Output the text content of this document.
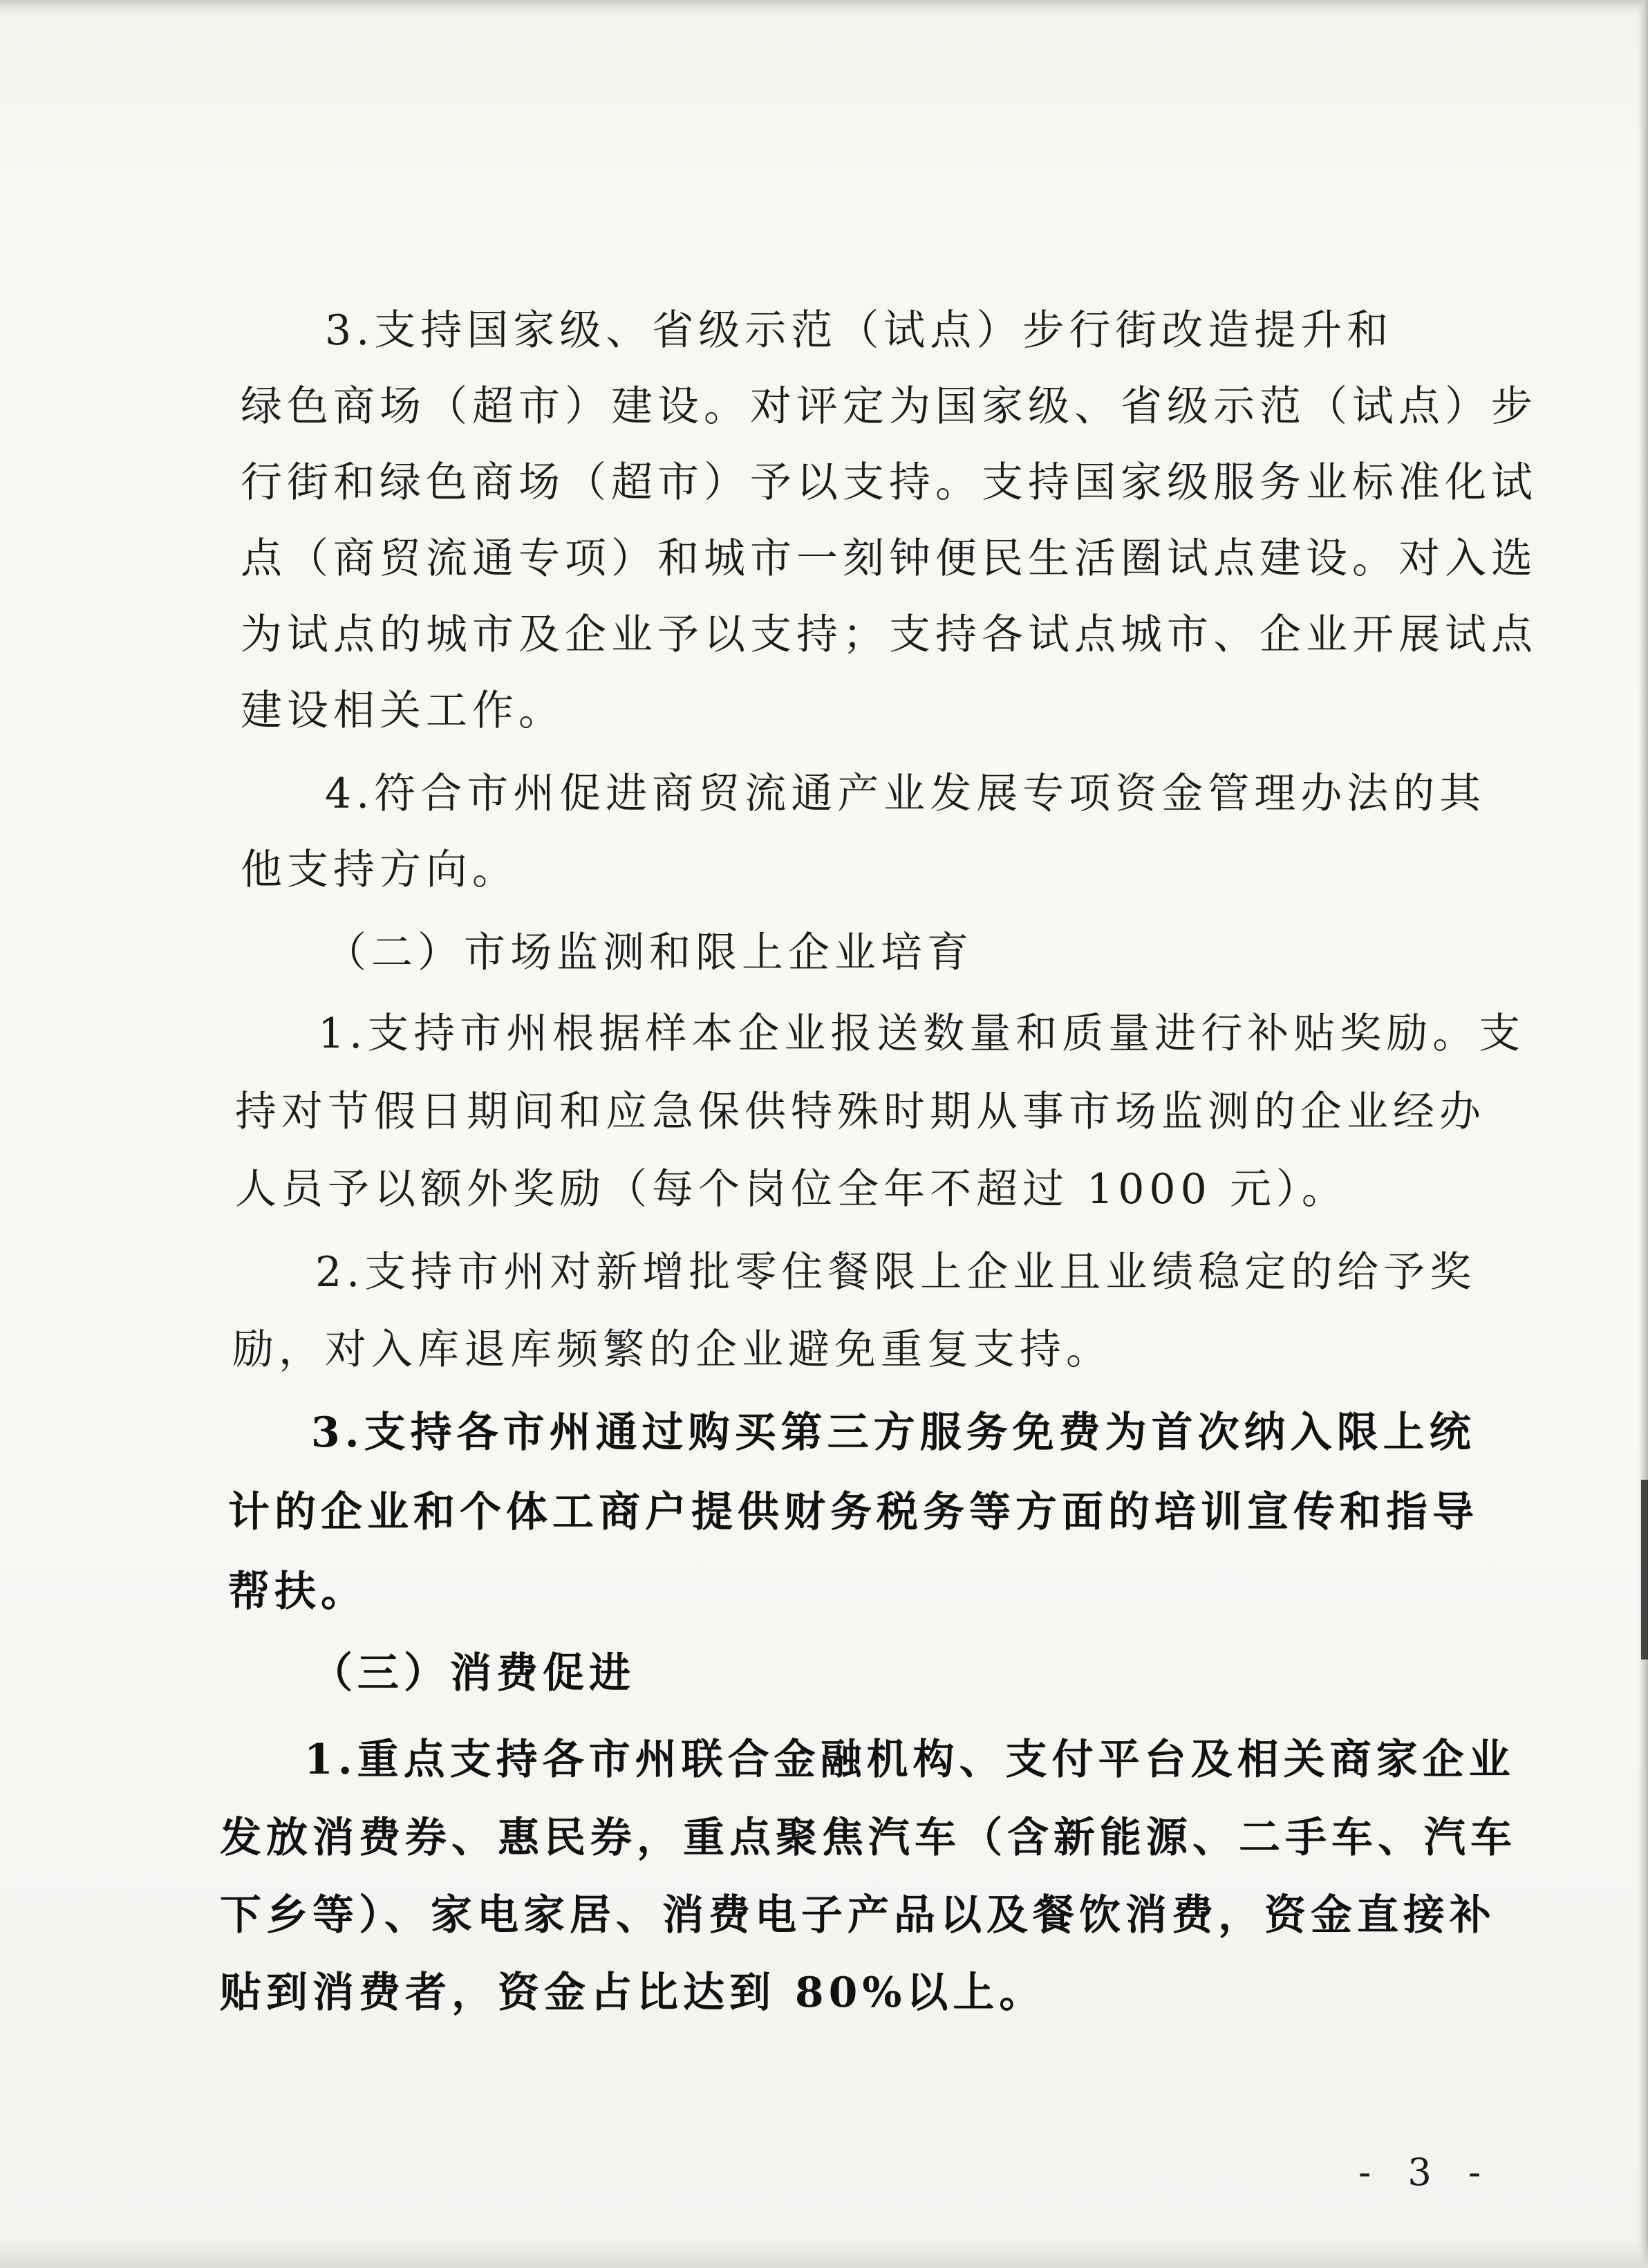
3.支持国家级、省级示范（试点）步行街改造提升和
绿色商场（超市）建设。对评定为国家级、省级示范（试点）步
行街和绿色商场（超市）予以支持。支持国家级服务业标准化试
点（商贸流通专项）和城市一刻钟便民生活圈试点建设。对入选
为试点的城市及企业予以支持；支持各试点城市、企业开展试点
建设相关工作。
4.符合市州促进商贸流通产业发展专项资金管理办法的其
他支持方向。
（二）市场监测和限上企业培育
1.支持市州根据样本企业报送数量和质量进行补贴奖励。支
持对节假日期间和应急保供特殊时期从事市场监测的企业经办
人员予以额外奖励（每个岗位全年不超过 1000 元）。
2.支持市州对新增批零住餐限上企业且业绩稳定的给予奖
励，对入库退库频繁的企业避免重复支持。
3.支持各市州通过购买第三方服务免费为首次纳入限上统
计的企业和个体工商户提供财务税务等方面的培训宣传和指导
帮扶。
（三）消费促进
1.重点支持各市州联合金融机构、支付平台及相关商家企业
发放消费券、惠民券，重点聚焦汽车（含新能源、二手车、汽车
下乡等）、家电家居、消费电子产品以及餐饮消费，资金直接补
贴到消费者，资金占比达到 80%以上。
- 3 -
